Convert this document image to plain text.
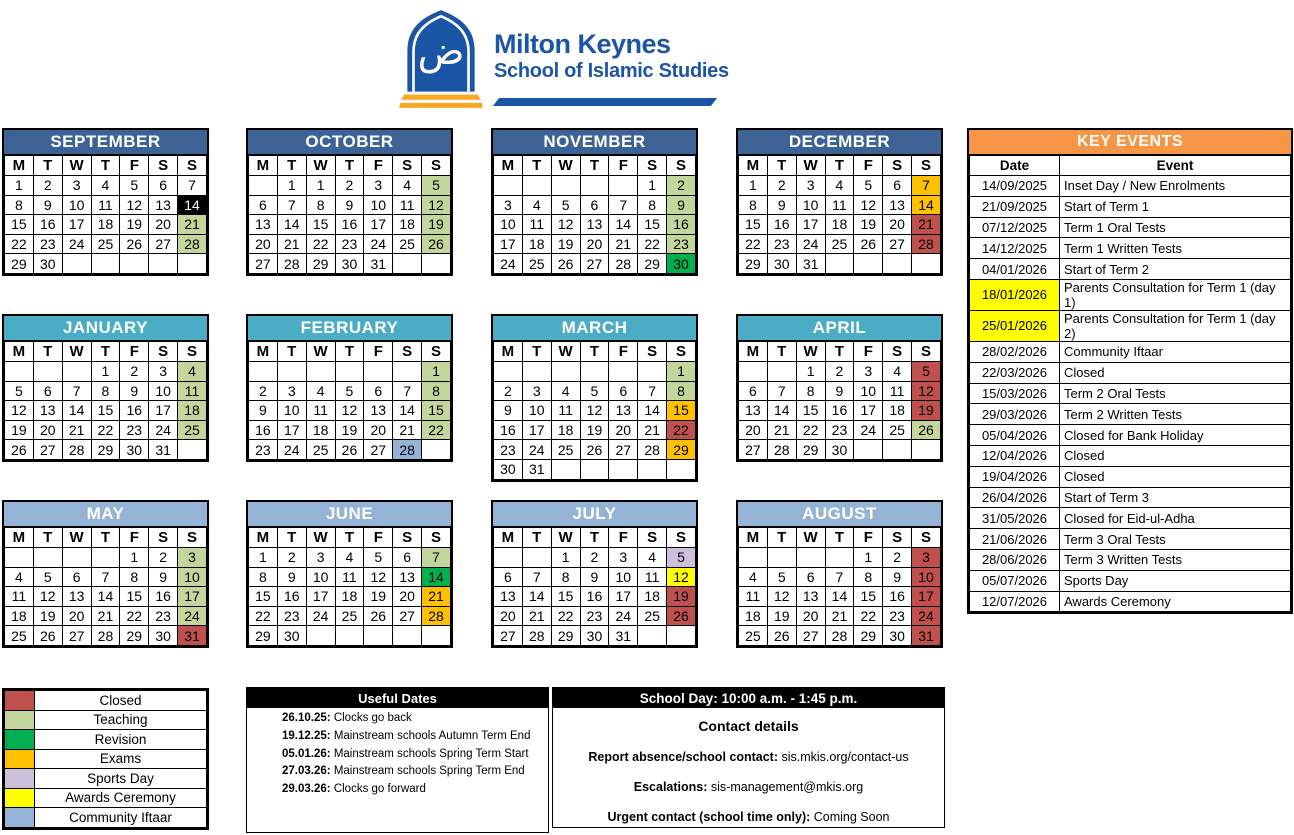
ض Milton Keynes
School of Islamic Studies
SEPTEMBER
M	T	W	T	F	S	S
1	2	3	4	5	6	7
8	9	10	11	12	13	14
15	16	17	18	19	20	21
22	23	24	25	26	27	28
29	30					
OCTOBER
M	T	W	T	F	S	S
	1	1	2	3	4	5
6	7	8	9	10	11	12
13	14	15	16	17	18	19
20	21	22	23	24	25	26
27	28	29	30	31		
NOVEMBER
M	T	W	T	F	S	S
					1	2
3	4	5	6	7	8	9
10	11	12	13	14	15	16
17	18	19	20	21	22	23
24	25	26	27	28	29	30
DECEMBER
M	T	W	T	F	S	S
1	2	3	4	5	6	7
8	9	10	11	12	13	14
15	16	17	18	19	20	21
22	23	24	25	26	27	28
29	30	31				
JANUARY
M	T	W	T	F	S	S
			1	2	3	4
5	6	7	8	9	10	11
12	13	14	15	16	17	18
19	20	21	22	23	24	25
26	27	28	29	30	31	
FEBRUARY
M	T	W	T	F	S	S
						1
2	3	4	5	6	7	8
9	10	11	12	13	14	15
16	17	18	19	20	21	22
23	24	25	26	27	28	
MARCH
M	T	W	T	F	S	S
						1
2	3	4	5	6	7	8
9	10	11	12	13	14	15
16	17	18	19	20	21	22
23	24	25	26	27	28	29
30	31					
APRIL
M	T	W	T	F	S	S
		1	2	3	4	5
6	7	8	9	10	11	12
13	14	15	16	17	18	19
20	21	22	23	24	25	26
27	28	29	30			
MAY
M	T	W	T	F	S	S
				1	2	3
4	5	6	7	8	9	10
11	12	13	14	15	16	17
18	19	20	21	22	23	24
25	26	27	28	29	30	31
JUNE
M	T	W	T	F	S	S
1	2	3	4	5	6	7
8	9	10	11	12	13	14
15	16	17	18	19	20	21
22	23	24	25	26	27	28
29	30					
JULY
M	T	W	T	F	S	S
		1	2	3	4	5
6	7	8	9	10	11	12
13	14	15	16	17	18	19
20	21	22	23	24	25	26
27	28	29	30	31		
AUGUST
M	T	W	T	F	S	S
				1	2	3
4	5	6	7	8	9	10
11	12	13	14	15	16	17
18	19	20	21	22	23	24
25	26	27	28	29	30	31
KEY EVENTS
Date	Event
14/09/2025	Inset Day / New Enrolments
21/09/2025	Start of Term 1
07/12/2025	Term 1 Oral Tests
14/12/2025	Term 1 Written Tests
04/01/2026	Start of Term 2
18/01/2026	Parents Consultation for Term 1 (day 1)
25/01/2026	Parents Consultation for Term 1 (day 2)
28/02/2026	Community Iftaar
22/03/2026	Closed
15/03/2026	Term 2 Oral Tests
29/03/2026	Term 2 Written Tests
05/04/2026	Closed for Bank Holiday
12/04/2026	Closed
19/04/2026	Closed
26/04/2026	Start of Term 3
31/05/2026	Closed for Eid-ul-Adha
21/06/2026	Term 3 Oral Tests
28/06/2026	Term 3 Written Tests
05/07/2026	Sports Day
12/07/2026	Awards Ceremony
	Closed
	Teaching
	Revision
	Exams
	Sports Day
	Awards Ceremony
	Community Iftaar
Useful Dates

26.10.25: Clocks go back

19.12.25: Mainstream schools Autumn Term End

05.01.26: Mainstream schools Spring Term Start

27.03.26: Mainstream schools Spring Term End

29.03.26: Clocks go forward

School Day: 10:00 a.m. - 1:45 p.m.
Contact details

Report absence/school contact: sis.mkis.org/contact-us

Escalations: sis-management@mkis.org

Urgent contact (school time only): Coming Soon
